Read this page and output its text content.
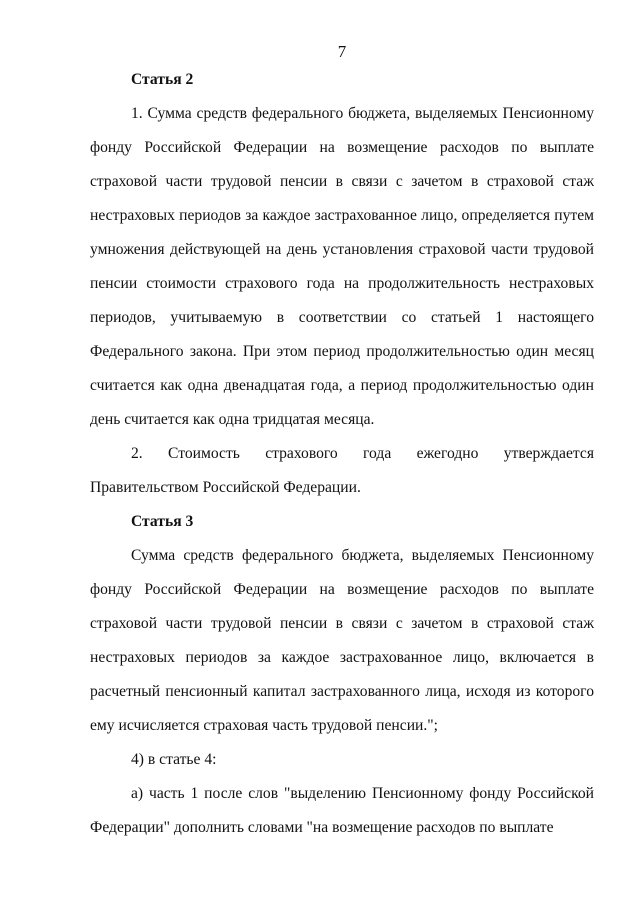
7

Статья 2

1. Сумма средств федерального бюджета, выделяемых Пенсионному фонду Российской Федерации на возмещение расходов по выплате страховой части трудовой пенсии в связи с зачетом в страховой стаж нестраховых периодов за каждое застрахованное лицо, определяется путем умножения действующей на день установления страховой части трудовой пенсии стоимости страхового года на продолжительность нестраховых периодов, учитываемую в соответствии со статьей 1 настоящего Федерального закона. При этом период продолжительностью один месяц считается как одна двенадцатая года, а период продолжительностью один день считается как одна тридцатая месяца.

2. Стоимость страхового года ежегодно утверждается Правительством Российской Федерации.

Статья 3

Сумма средств федерального бюджета, выделяемых Пенсионному фонду Российской Федерации на возмещение расходов по выплате страховой части трудовой пенсии в связи с зачетом в страховой стаж нестраховых периодов за каждое застрахованное лицо, включается в расчетный пенсионный капитал застрахованного лица, исходя из которого ему исчисляется страховая часть трудовой пенсии.";

4) в статье 4:

а) часть 1 после слов "выделению Пенсионному фонду Российской Федерации" дополнить словами "на возмещение расходов по выплате
